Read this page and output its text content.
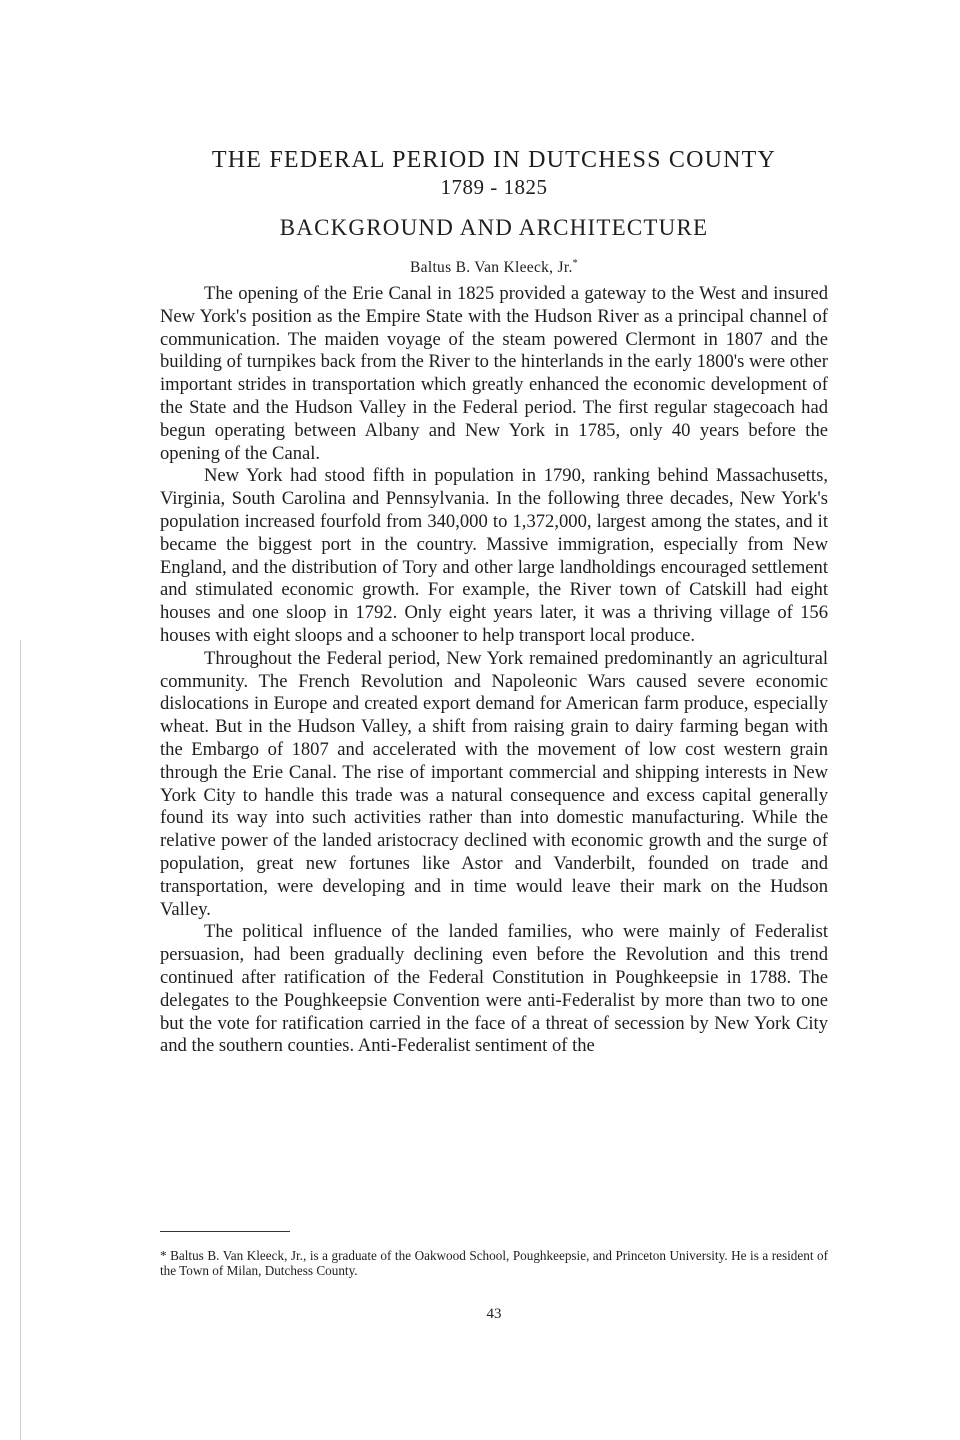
THE FEDERAL PERIOD IN DUTCHESS COUNTY
1789 - 1825
BACKGROUND AND ARCHITECTURE
Baltus B. Van Kleeck, Jr.*

The opening of the Erie Canal in 1825 provided a gateway to the West and insured New York's position as the Empire State with the Hudson River as a principal channel of communication. The maiden voyage of the steam powered Clermont in 1807 and the building of turnpikes back from the River to the hinterlands in the early 1800's were other important strides in transportation which greatly enhanced the economic development of the State and the Hudson Valley in the Federal period. The first regular stagecoach had begun operating between Albany and New York in 1785, only 40 years before the opening of the Canal.

New York had stood fifth in population in 1790, ranking behind Massachusetts, Virginia, South Carolina and Pennsylvania. In the following three decades, New York's population increased fourfold from 340,000 to 1,372,000, largest among the states, and it became the biggest port in the country. Massive immigration, especially from New England, and the distribution of Tory and other large landholdings encouraged settlement and stimulated economic growth. For example, the River town of Catskill had eight houses and one sloop in 1792. Only eight years later, it was a thriving village of 156 houses with eight sloops and a schooner to help transport local produce.

Throughout the Federal period, New York remained predominantly an agricultural community. The French Revolution and Napoleonic Wars caused severe economic dislocations in Europe and created export demand for American farm produce, especially wheat. But in the Hudson Valley, a shift from raising grain to dairy farming began with the Embargo of 1807 and accelerated with the movement of low cost western grain through the Erie Canal. The rise of important commercial and shipping interests in New York City to handle this trade was a natural consequence and excess capital generally found its way into such activities rather than into domestic manufacturing. While the relative power of the landed aristocracy declined with economic growth and the surge of population, great new fortunes like Astor and Vanderbilt, founded on trade and transportation, were developing and in time would leave their mark on the Hudson Valley.

The political influence of the landed families, who were mainly of Federalist persuasion, had been gradually declining even before the Revolution and this trend continued after ratification of the Federal Constitution in Poughkeepsie in 1788. The delegates to the Poughkeepsie Convention were anti-Federalist by more than two to one but the vote for ratification carried in the face of a threat of secession by New York City and the southern counties. Anti-Federalist sentiment of the

* Baltus B. Van Kleeck, Jr., is a graduate of the Oakwood School, Poughkeepsie, and Princeton University. He is a resident of the Town of Milan, Dutchess County.
43
